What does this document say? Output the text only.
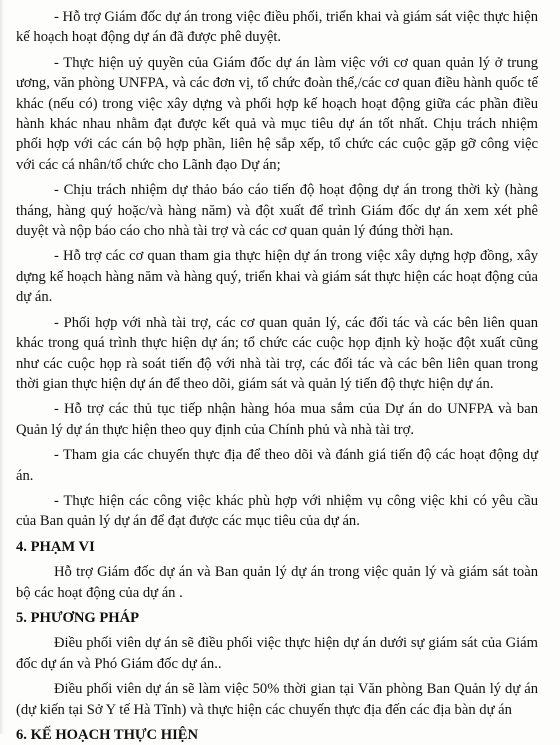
- Hỗ trợ Giám đốc dự án trong việc điều phối, triển khai và giám sát việc thực hiện kế hoạch hoạt động dự án đã được phê duyệt.

- Thực hiện uỷ quyền của Giám đốc dự án làm việc với cơ quan quản lý ở trung ương, văn phòng UNFPA, và các đơn vị, tổ chức đoàn thể,/các cơ quan điều hành quốc tế khác (nếu có) trong việc xây dựng và phối hợp kế hoạch hoạt động giữa các phần điều hành khác nhau nhằm đạt được kết quả và mục tiêu dự án tốt nhất. Chịu trách nhiệm phối hợp với các cán bộ hợp phần, liên hệ sắp xếp, tổ chức các cuộc gặp gỡ công việc với các cá nhân/tổ chức cho Lãnh đạo Dự án;

- Chịu trách nhiệm dự thảo báo cáo tiến độ hoạt động dự án trong thời kỳ (hàng tháng, hàng quý hoặc/và hàng năm) và đột xuất để trình Giám đốc dự án xem xét phê duyệt và nộp báo cáo cho nhà tài trợ và các cơ quan quản lý đúng thời hạn.

- Hỗ trợ các cơ quan tham gia thực hiện dự án trong việc xây dựng hợp đồng, xây dựng kế hoạch hàng năm và hàng quý, triển khai và giám sát thực hiện các hoạt động của dự án.

- Phối hợp với nhà tài trợ, các cơ quan quản lý, các đối tác và các bên liên quan khác trong quá trình thực hiện dự án; tổ chức các cuộc họp định kỳ hoặc đột xuất cũng như các cuộc họp rà soát tiến độ với nhà tài trợ, các đối tác và các bên liên quan trong thời gian thực hiện dự án để theo dõi, giám sát và quản lý tiến độ thực hiện dự án.

- Hỗ trợ các thủ tục tiếp nhận hàng hóa mua sắm của Dự án do UNFPA và ban Quản lý dự án thực hiện theo quy định của Chính phủ và nhà tài trợ.

- Tham gia các chuyến thực địa để theo dõi và đánh giá tiến độ các hoạt động dự án.

- Thực hiện các công việc khác phù hợp với nhiệm vụ công việc khi có yêu cầu của Ban quản lý dự án để đạt được các mục tiêu của dự án.

4. PHẠM VI

Hỗ trợ Giám đốc dự án và Ban quản lý dự án trong việc quản lý và giám sát toàn bộ các hoạt động của dự án .

5. PHƯƠNG PHÁP

Điều phối viên dự án sẽ điều phối việc thực hiện dự án dưới sự giám sát của Giám đốc dự án và Phó Giám đốc dự án..

Điều phối viên dự án sẽ làm việc 50% thời gian tại Văn phòng Ban Quản lý dự án (dự kiến tại Sở Y tế Hà Tĩnh) và thực hiện các chuyến thực địa đến các địa bàn dự án

6. KẾ HOẠCH THỰC HIỆN
